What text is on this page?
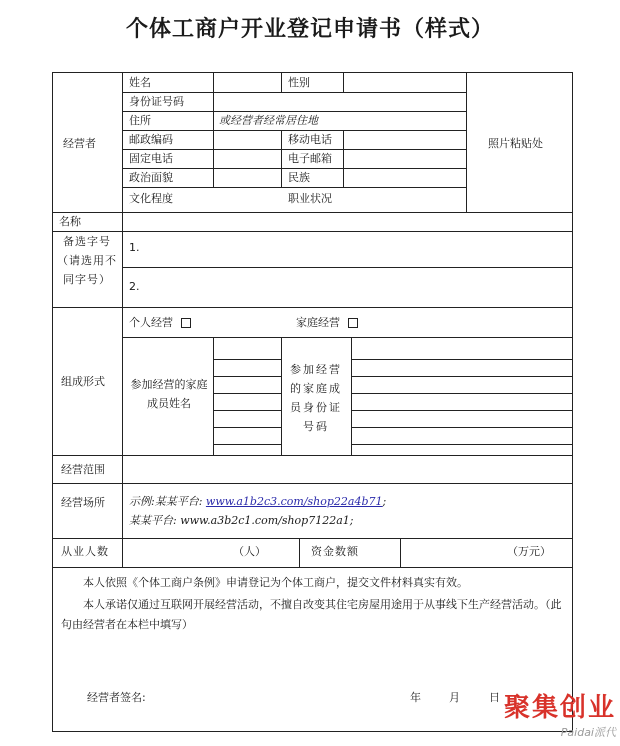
个体工商户开业登记申请书（样式）
经营者
姓名	性别
身份证号码
住所	或经营者经常居住地
邮政编码	移动电话
固定电话	电子邮箱
政治面貌	民族
文化程度	职业状况
照片粘贴处
名称
备选字号（请选用不同字号）
1.
2.
组成形式
个人经营	家庭经营
参加经营的家庭成员姓名
参加经营的家庭成员身份证号码
经营范围
经营场所 示例:某某平台: www.a1b2c3.com/shop22a4b71;
某某平台: www.a3b2c1.com/shop7122a1;
从业人数	（人）	资金数额	（万元）
本人依照《个体工商户条例》申请登记为个体工商户，提交文件材料真实有效。
本人承诺仅通过互联网开展经营活动，不擅自改变其住宅房屋用途用于从事线下生产经营活动。（此句由经营者在本栏中填写）
经营者签名:	年	月	日 聚集创业
Paidai派代
